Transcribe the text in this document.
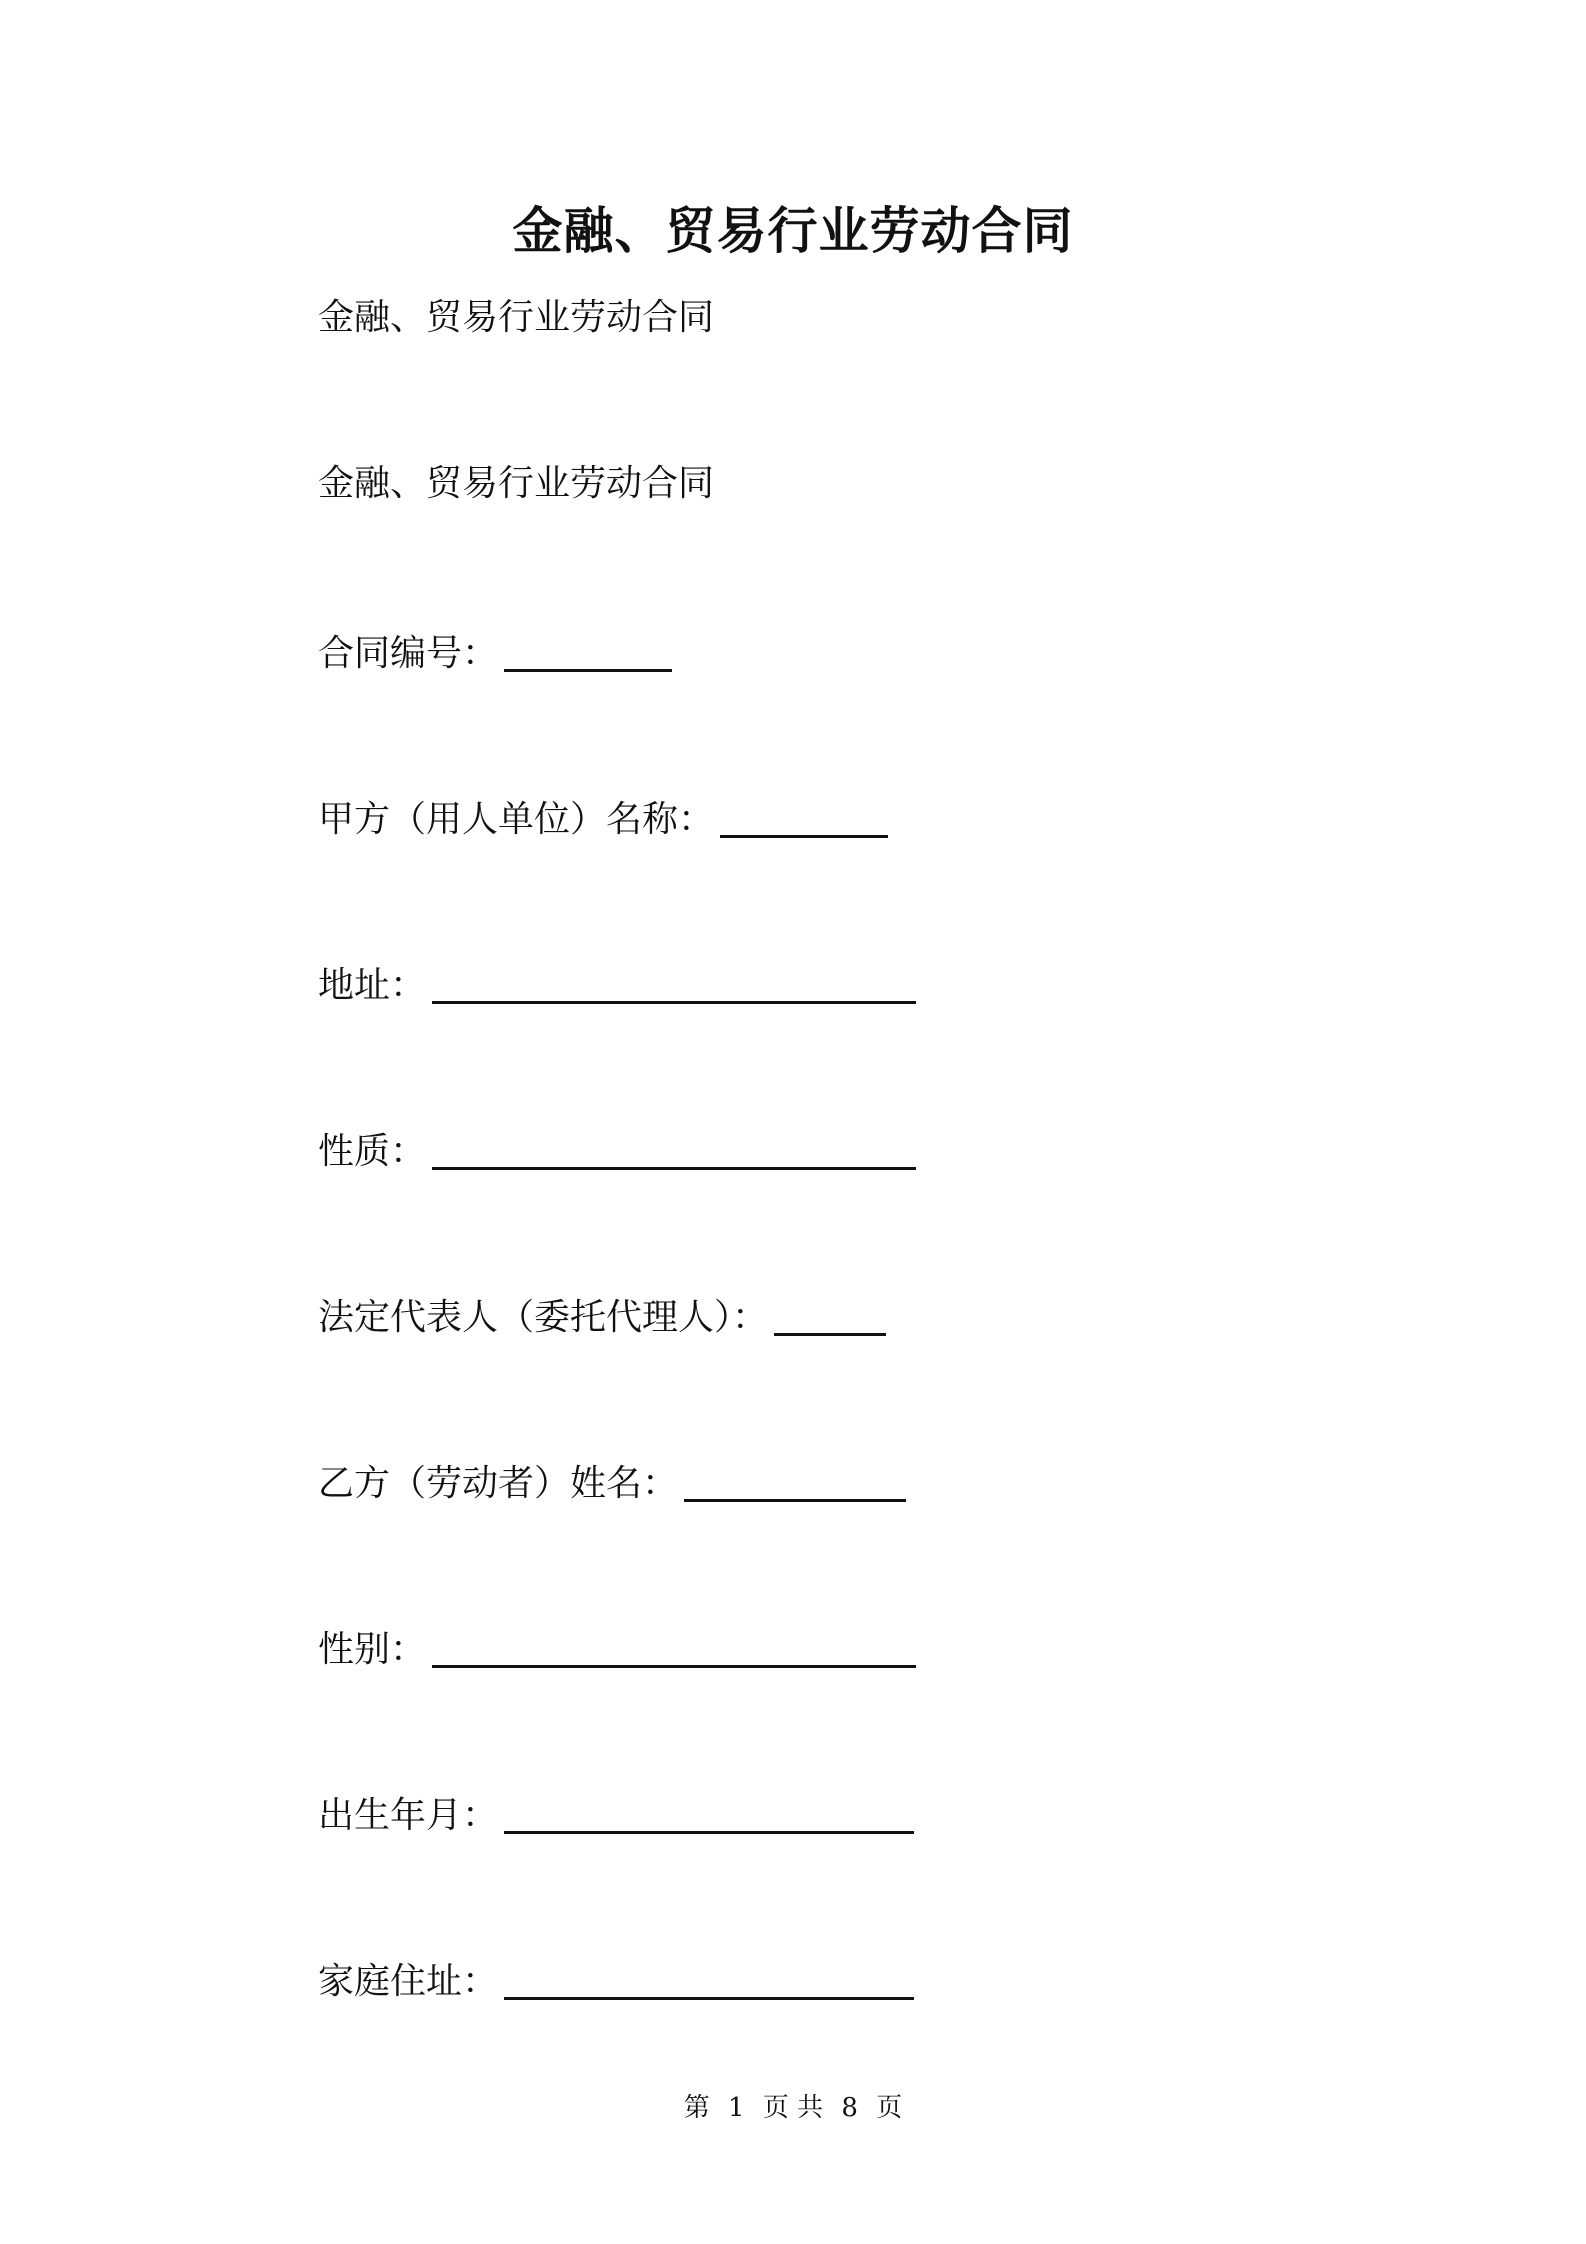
金融、贸易行业劳动合同

金融、贸易行业劳动合同

金融、贸易行业劳动合同

合同编号：
甲方（用人单位）名称：
地址：
性质：
法定代表人（委托代理人）：
乙方（劳动者）姓名：
性别：
出生年月：
家庭住址：
第 1 页 共 8 页
